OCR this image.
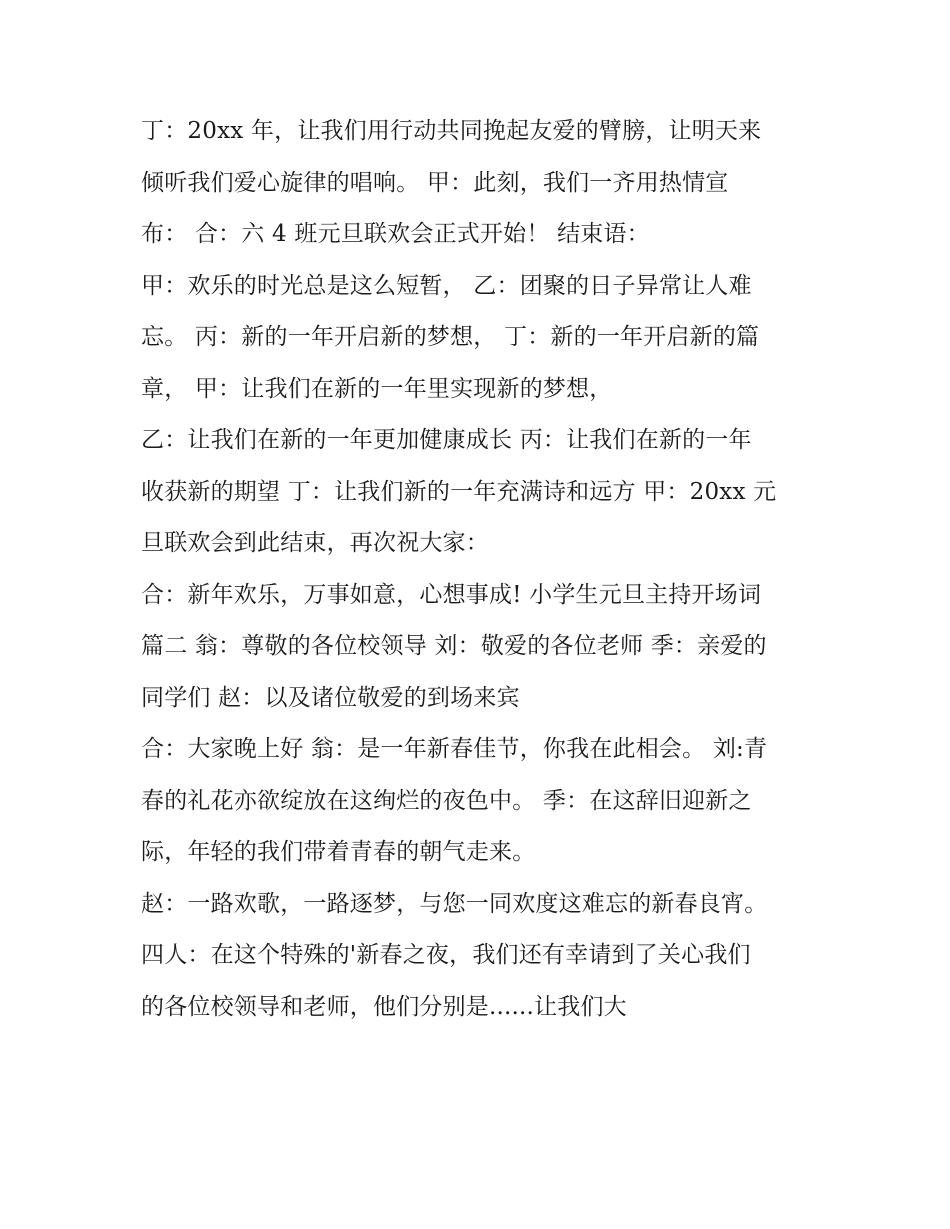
丁：20xx 年，让我们用行动共同挽起友爱的臂膀，让明天来
倾听我们爱心旋律的唱响。 甲：此刻，我们一齐用热情宣
布： 合：六 4 班元旦联欢会正式开始！ 结束语：
甲：欢乐的时光总是这么短暂， 乙：团聚的日子异常让人难
忘。 丙：新的一年开启新的梦想， 丁：新的一年开启新的篇
章， 甲：让我们在新的一年里实现新的梦想，
乙：让我们在新的一年更加健康成长 丙：让我们在新的一年
收获新的期望 丁：让我们新的一年充满诗和远方 甲：20xx 元
旦联欢会到此结束，再次祝大家：
合：新年欢乐，万事如意，心想事成! 小学生元旦主持开场词
篇二 翁：尊敬的各位校领导 刘：敬爱的各位老师 季：亲爱的
同学们 赵：以及诸位敬爱的到场来宾
合：大家晚上好 翁：是一年新春佳节，你我在此相会。 刘:青
春的礼花亦欲绽放在这绚烂的夜色中。 季：在这辞旧迎新之
际，年轻的我们带着青春的朝气走来。
赵：一路欢歌，一路逐梦，与您一同欢度这难忘的新春良宵。
四人：在这个特殊的'新春之夜，我们还有幸请到了关心我们
的各位校领导和老师，他们分别是......让我们大
